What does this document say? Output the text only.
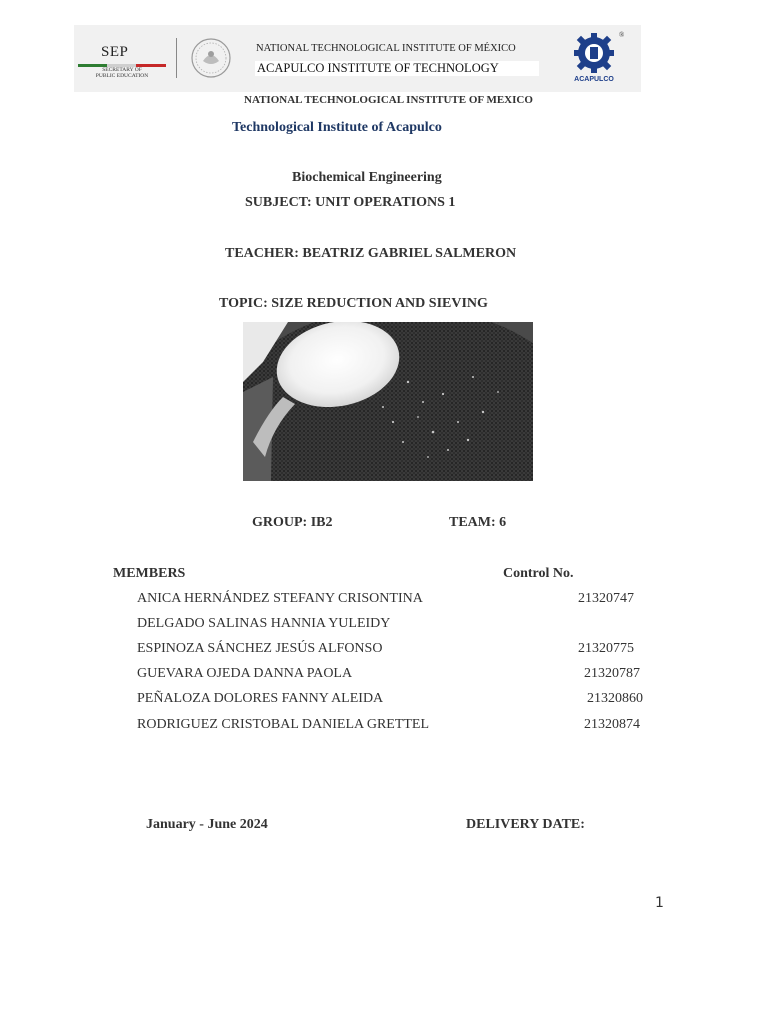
SEP
SECRETARY OF PUBLIC EDUCATION
NATIONAL TECHNOLOGICAL INSTITUTE OF MÉXICO
ACAPULCO INSTITUTE OF TECHNOLOGY
ACAPULCO
®
NATIONAL TECHNOLOGICAL INSTITUTE OF MEXICO
Technological Institute of Acapulco
Biochemical Engineering
SUBJECT: UNIT OPERATIONS 1
TEACHER: BEATRIZ GABRIEL SALMERON
TOPIC: SIZE REDUCTION AND SIEVING
GROUP: IB2	TEAM: 6
MEMBERS	Control No.
ANICA HERNÁNDEZ STEFANY CRISONTINA	21320747
DELGADO SALINAS HANNIA YULEIDY
ESPINOZA SÁNCHEZ JESÚS ALFONSO	21320775
GUEVARA OJEDA DANNA PAOLA	21320787
PEÑALOZA DOLORES FANNY ALEIDA	21320860
RODRIGUEZ CRISTOBAL DANIELA GRETTEL	21320874
January - June 2024	DELIVERY DATE:
1
